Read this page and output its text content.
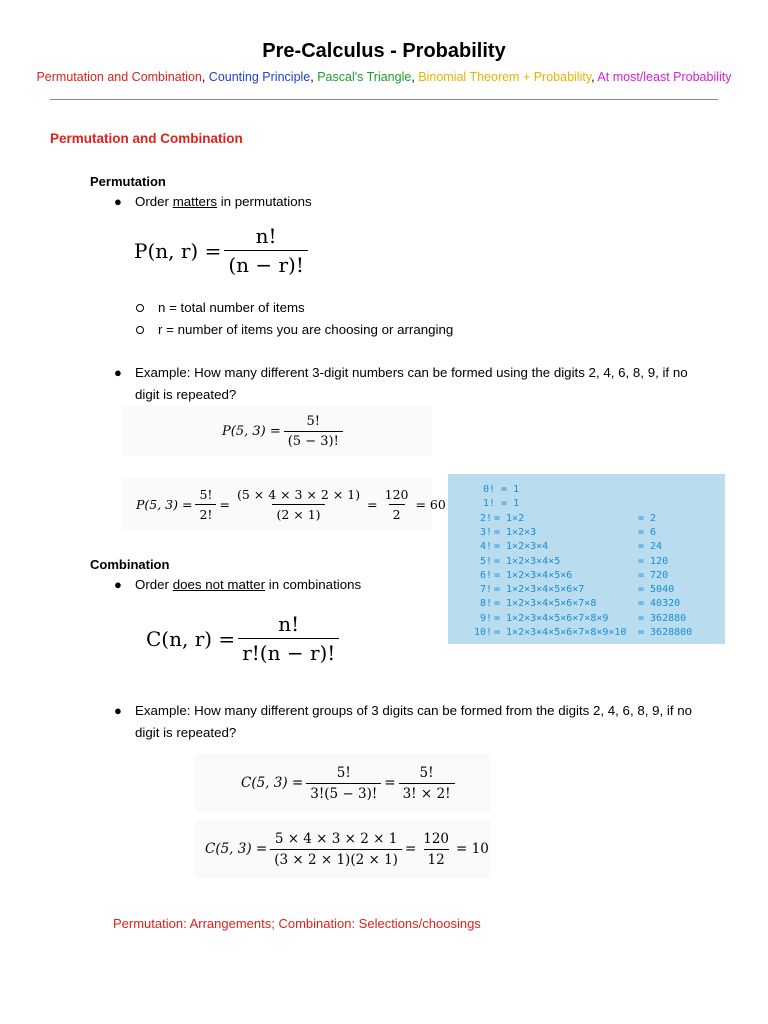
Pre-Calculus - Probability
Permutation and Combination, Counting Principle, Pascal's Triangle, Binomial Theorem + Probability, At most/least Probability
Permutation and Combination
Permutation
● Order matters in permutations
P(n, $r) = \frac{n!}{(n - r)!}$
n = total number of items
r = number of items you are choosing or arranging
● Example: How many different 3-digit numbers can be formed using the digits 2, 4, 6, 8, 9, if no
digit is repeated?
P(5, $3) = \frac{5!}{(5 - 3)!}$
P(5, $3) = \frac{5!}{2!} = \frac{(5 \times 4 \times 3 \times 2 \times 1)}{(2 \times 1)} = \frac{120}{2} = 60$
0! = 1
1! = 1
2! = 1×2	= 2
3! = 1×2×3	= 6
4! = 1×2×3×4	= 24
5! = 1×2×3×4×5	= 120
6! = 1×2×3×4×5×6	= 720
7! = 1×2×3×4×5×6×7	= 5040
8! = 1×2×3×4×5×6×7×8	= 40320
9! = 1×2×3×4×5×6×7×8×9	= 362880
10! = 1×2×3×4×5×6×7×8×9×10 = 3628800
Combination
● Order does not matter in combinations
C(n, $r) = \frac{n!}{r!(n - r)!}$
● Example: How many different groups of 3 digits can be formed from the digits 2, 4, 6, 8, 9, if no
digit is repeated?
C(5, $3) = \frac{5!}{3!(5 - 3)!} = \frac{5!}{3! \times 2!}$
C(5, $3) = \frac{5 \times 4 \times 3 \times 2 \times 1}{(3 \times 2 \times 1)(2 \times 1)} = \frac{120}{12} = 10$
Permutation: Arrangements; Combination: Selections/choosings
